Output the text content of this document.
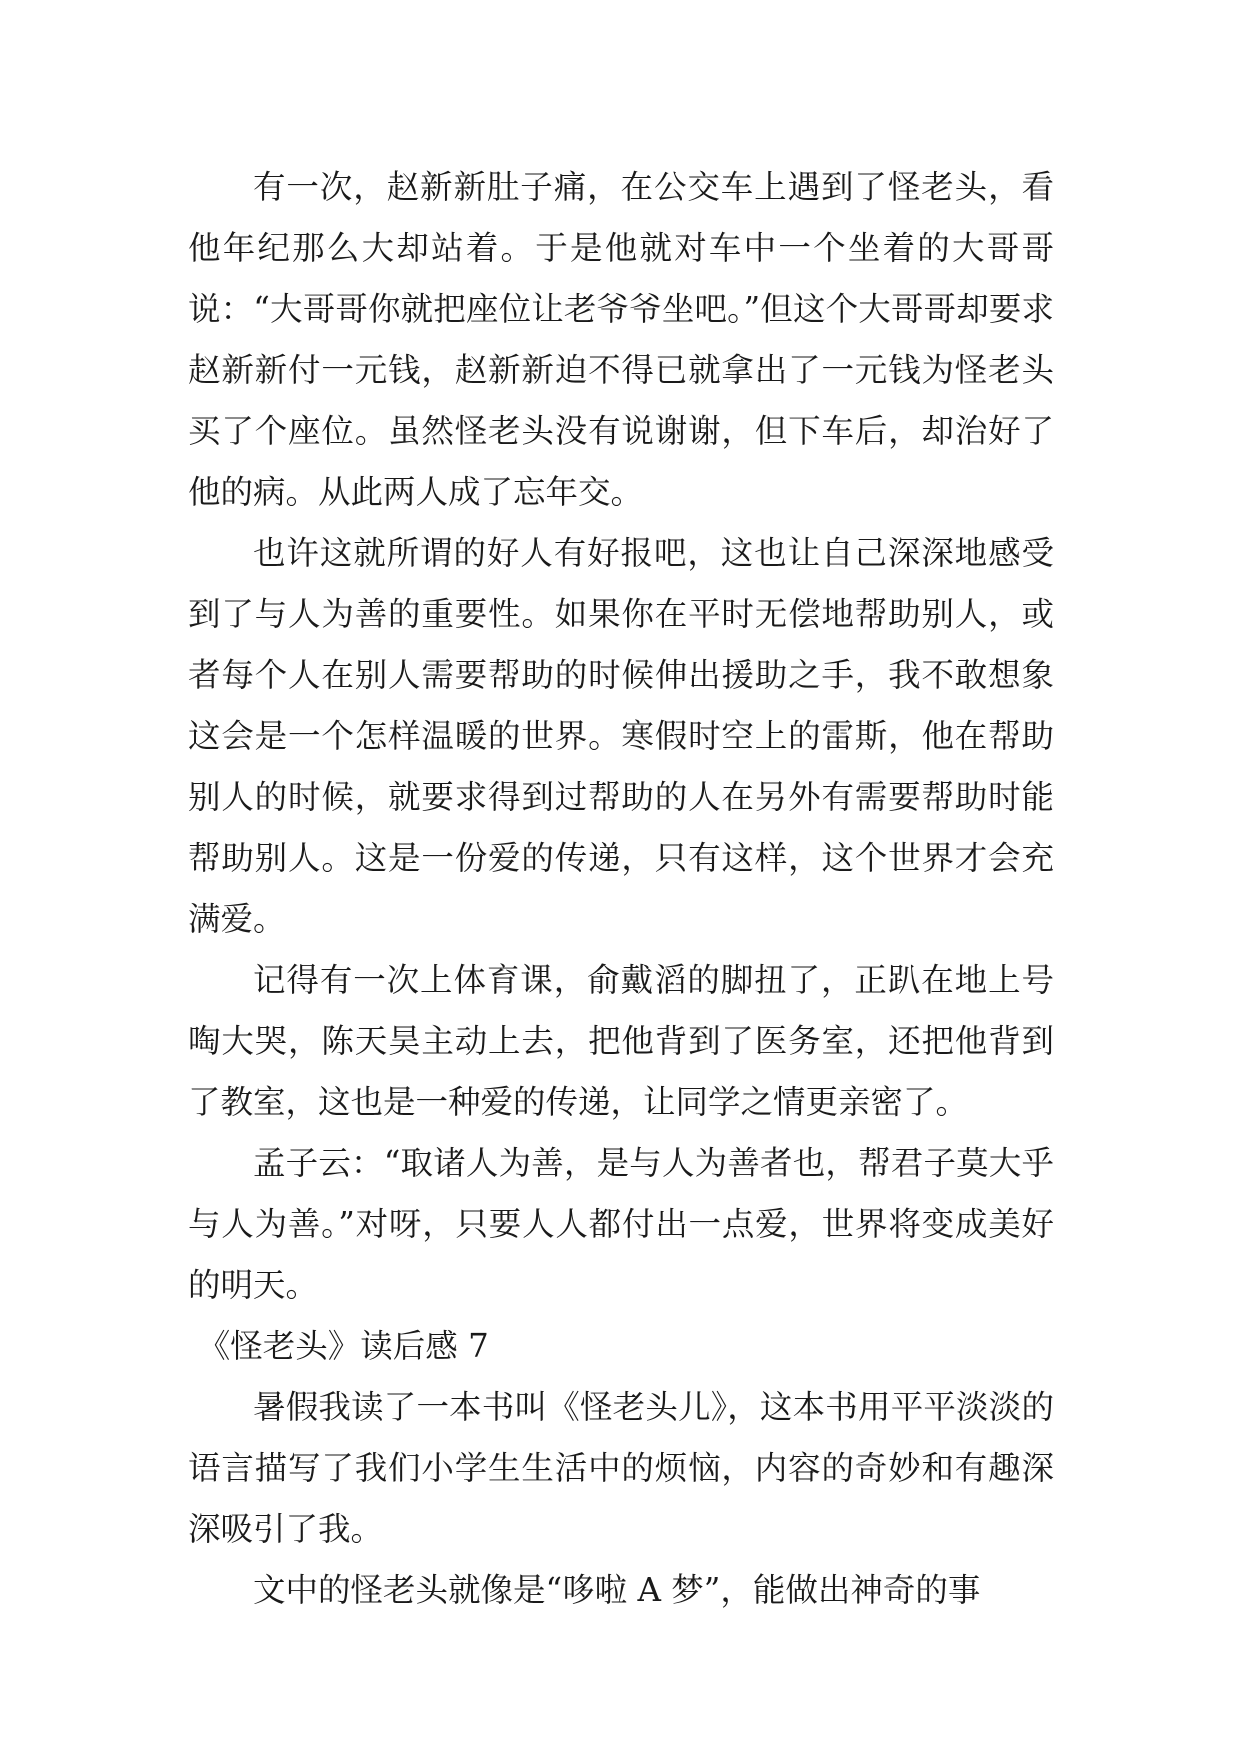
有一次，赵新新肚子痛，在公交车上遇到了怪老头，看他年纪那么大却站着。于是他就对车中一个坐着的大哥哥说：“大哥哥你就把座位让老爷爷坐吧。”但这个大哥哥却要求赵新新付一元钱，赵新新迫不得已就拿出了一元钱为怪老头买了个座位。虽然怪老头没有说谢谢，但下车后，却治好了他的病。从此两人成了忘年交。

也许这就所谓的好人有好报吧，这也让自己深深地感受到了与人为善的重要性。如果你在平时无偿地帮助别人，或者每个人在别人需要帮助的时候伸出援助之手，我不敢想象这会是一个怎样温暖的世界。寒假时空上的雷斯，他在帮助别人的时候，就要求得到过帮助的人在另外有需要帮助时能帮助别人。这是一份爱的传递，只有这样，这个世界才会充满爱。

记得有一次上体育课，俞戴滔的脚扭了，正趴在地上号啕大哭，陈天昊主动上去，把他背到了医务室，还把他背到了教室，这也是一种爱的传递，让同学之情更亲密了。

孟子云：“取诸人为善，是与人为善者也，帮君子莫大乎与人为善。”对呀，只要人人都付出一点爱，世界将变成美好的明天。

《怪老头》读后感 7

暑假我读了一本书叫《怪老头儿》，这本书用平平淡淡的语言描写了我们小学生生活中的烦恼，内容的奇妙和有趣深深吸引了我。

文中的怪老头就像是“哆啦 A 梦”，能做出神奇的事
